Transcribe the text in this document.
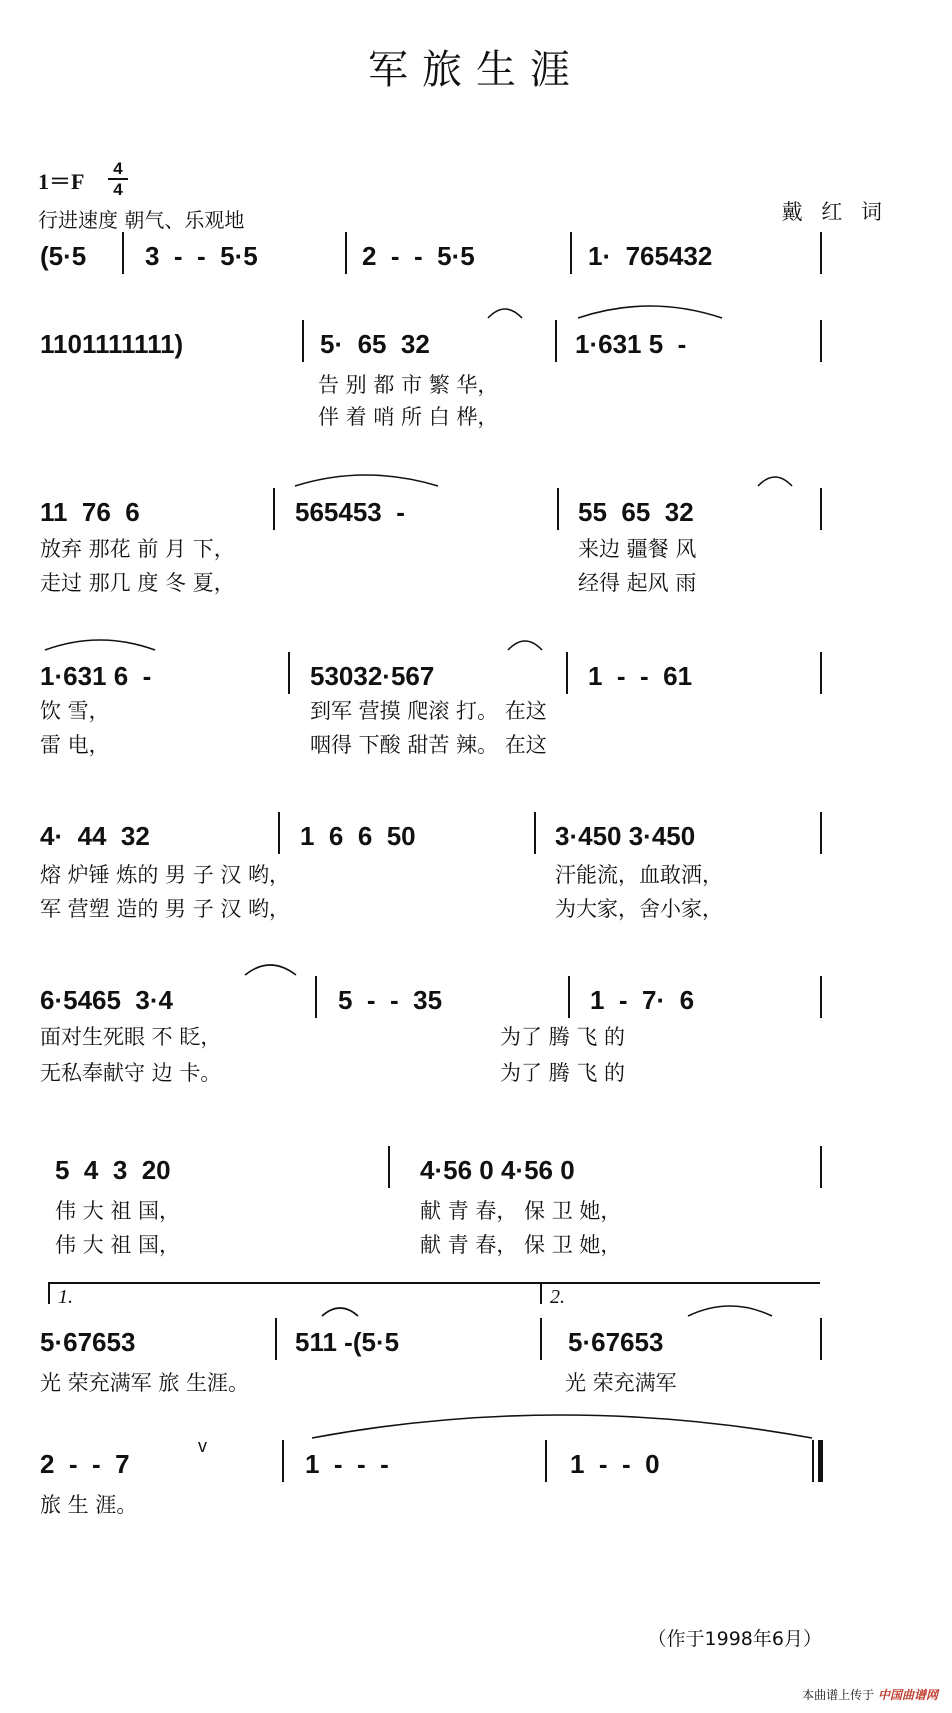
军旅生涯
1＝F
4
4
行进速度 朝气、乐观地	戴 红 词
(5·5 3  -  -  5·5	2  -  -  5·5	1·  765432
1101111111)	5·  65  32	1·631 5  -
告 别 都 市 繁 华，
伴 着 哨 所 白 桦，
11  76  6	565453  -	55  65  32
放弃 那花 前 月 下，	来边 疆餐 风
走过 那几 度 冬 夏，	经得 起风 雨
1·631 6  -	53032·567	1  -  -  61
饮 雪，	到军 营摸 爬滚 打。 在这
雷 电，	咽得 下酸 甜苦 辣。 在这
4·  44  32	1  6  6  50	3·450 3·450
熔 炉锤 炼的 男 子 汉 哟，	汗能流，血敢洒，
军 营塑 造的 男 子 汉 哟，	为大家，舍小家，
6·5465  3·4	5  -  -  35	1  -  7·  6
面对生死眼 不 眨，	为了 腾 飞 的
无私奉献守 边 卡。	为了 腾 飞 的
5  4  3  20	4·56 0 4·56 0
伟 大 祖 国，	献 青 春， 保 卫 她，
伟 大 祖 国，	献 青 春， 保 卫 她，
1.	2.
5·67653	511 -(5·5	5·67653
光 荣充满军 旅 生涯。	光 荣充满军
2  -  -  7
v
1  -  -  -	1  -  -  0
旅 生 涯。
（作于1998年6月）
本曲谱上传于 中国曲谱网
